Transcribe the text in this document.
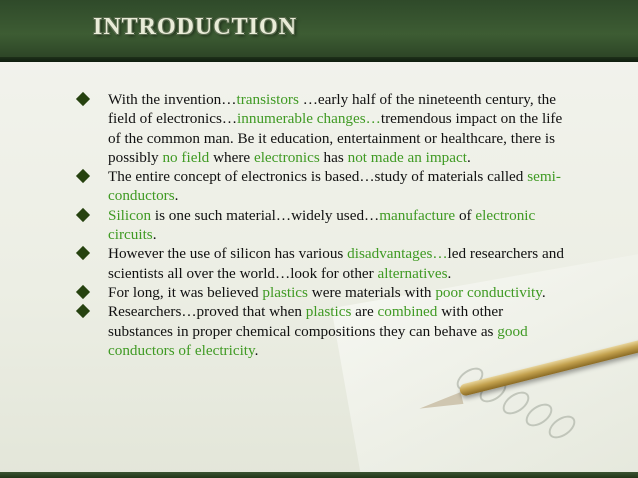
INTRODUCTION

With the invention…transistors …early half of the nineteenth century, the field of electronics…innumerable changes…tremendous impact on the life of the common man. Be it education, entertainment or healthcare, there is possibly no field where electronics has not made an impact.

The entire concept of electronics is based…study of materials called semi-conductors.

Silicon is one such material…widely used…manufacture of electronic circuits.

However the use of silicon has various disadvantages…led researchers and scientists all over the world…look for other alternatives.

For long, it was believed plastics were materials with poor conductivity.

Researchers…proved that when plastics are combined with other substances in proper chemical compositions they can behave as good conductors of electricity.
